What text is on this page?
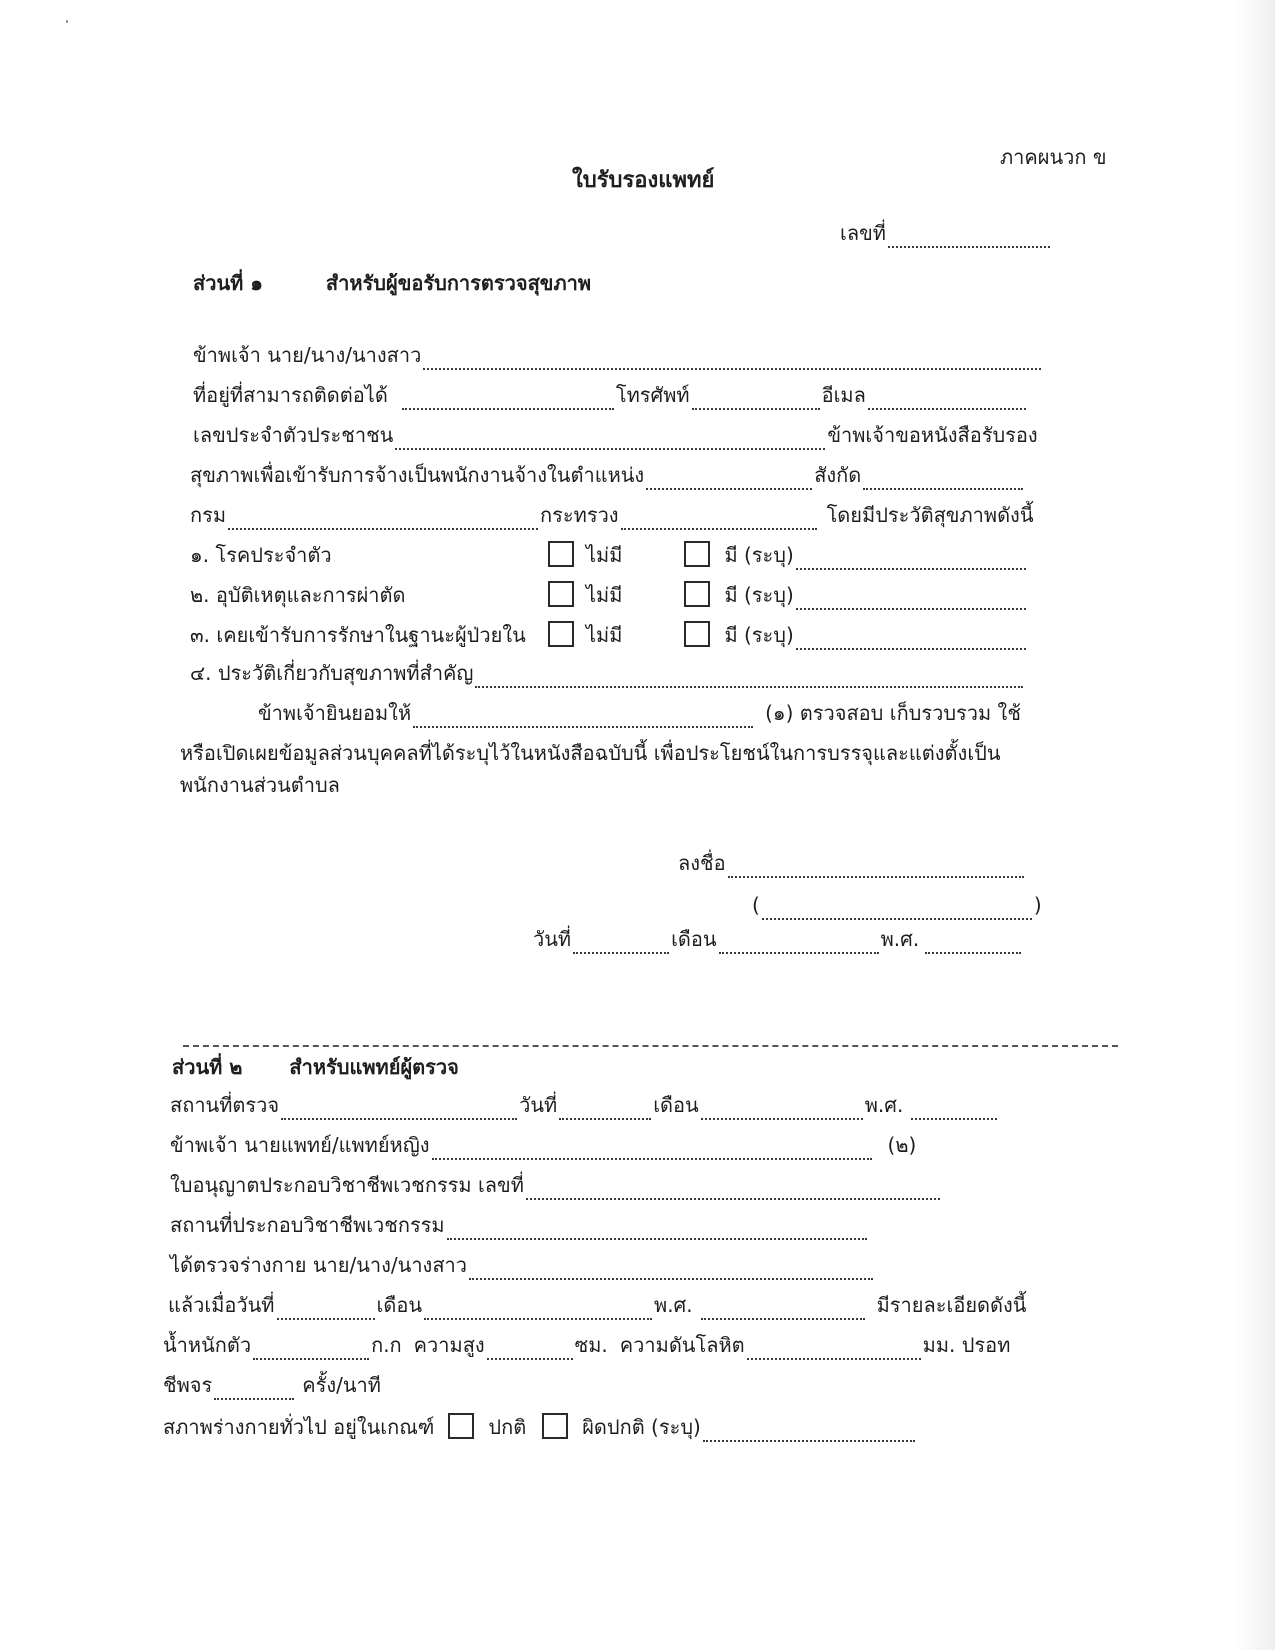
ภาคผนวก ข
ใบรับรองแพทย์
เลขที่
ส่วนที่ ๑	สำหรับผู้ขอรับการตรวจสุขภาพ
ข้าพเจ้า นาย/นาง/นางสาว
ที่อยู่ที่สามารถติดต่อได้	โทรศัพท์	อีเมล
เลขประจำตัวประชาชน	ข้าพเจ้าขอหนังสือรับรอง
สุขภาพเพื่อเข้ารับการจ้างเป็นพนักงานจ้างในตำแหน่ง	สังกัด
กรม	กระทรวง	โดยมีประวัติสุขภาพดังนี้
๑. โรคประจำตัว	ไม่มี	มี (ระบุ)
๒. อุบัติเหตุและการผ่าตัด	ไม่มี	มี (ระบุ)
๓. เคยเข้ารับการรักษาในฐานะผู้ป่วยใน	ไม่มี	มี (ระบุ)
๔. ประวัติเกี่ยวกับสุขภาพที่สำคัญ
ข้าพเจ้ายินยอมให้	(๑) ตรวจสอบ เก็บรวบรวม ใช้
หรือเปิดเผยข้อมูลส่วนบุคคลที่ได้ระบุไว้ในหนังสือฉบับนี้ เพื่อประโยชน์ในการบรรจุและแต่งตั้งเป็น
พนักงานส่วนตำบล
ลงชื่อ
(	)
วันที่	เดือน	พ.ศ.
ส่วนที่ ๒ สำหรับแพทย์ผู้ตรวจ
สถานที่ตรวจ	วันที่	เดือน	พ.ศ.
ข้าพเจ้า นายแพทย์/แพทย์หญิง	(๒)
ใบอนุญาตประกอบวิชาชีพเวชกรรม เลขที่
สถานที่ประกอบวิชาชีพเวชกรรม
ได้ตรวจร่างกาย นาย/นาง/นางสาว
แล้วเมื่อวันที่	เดือน	พ.ศ.	มีรายละเอียดดังนี้
น้ำหนักตัว	ก.ก ความสูง	ซม. ความดันโลหิต	มม. ปรอท
ชีพจร	ครั้ง/นาที
สภาพร่างกายทั่วไป อยู่ในเกณฑ์	ปกติ	ผิดปกติ (ระบุ)
